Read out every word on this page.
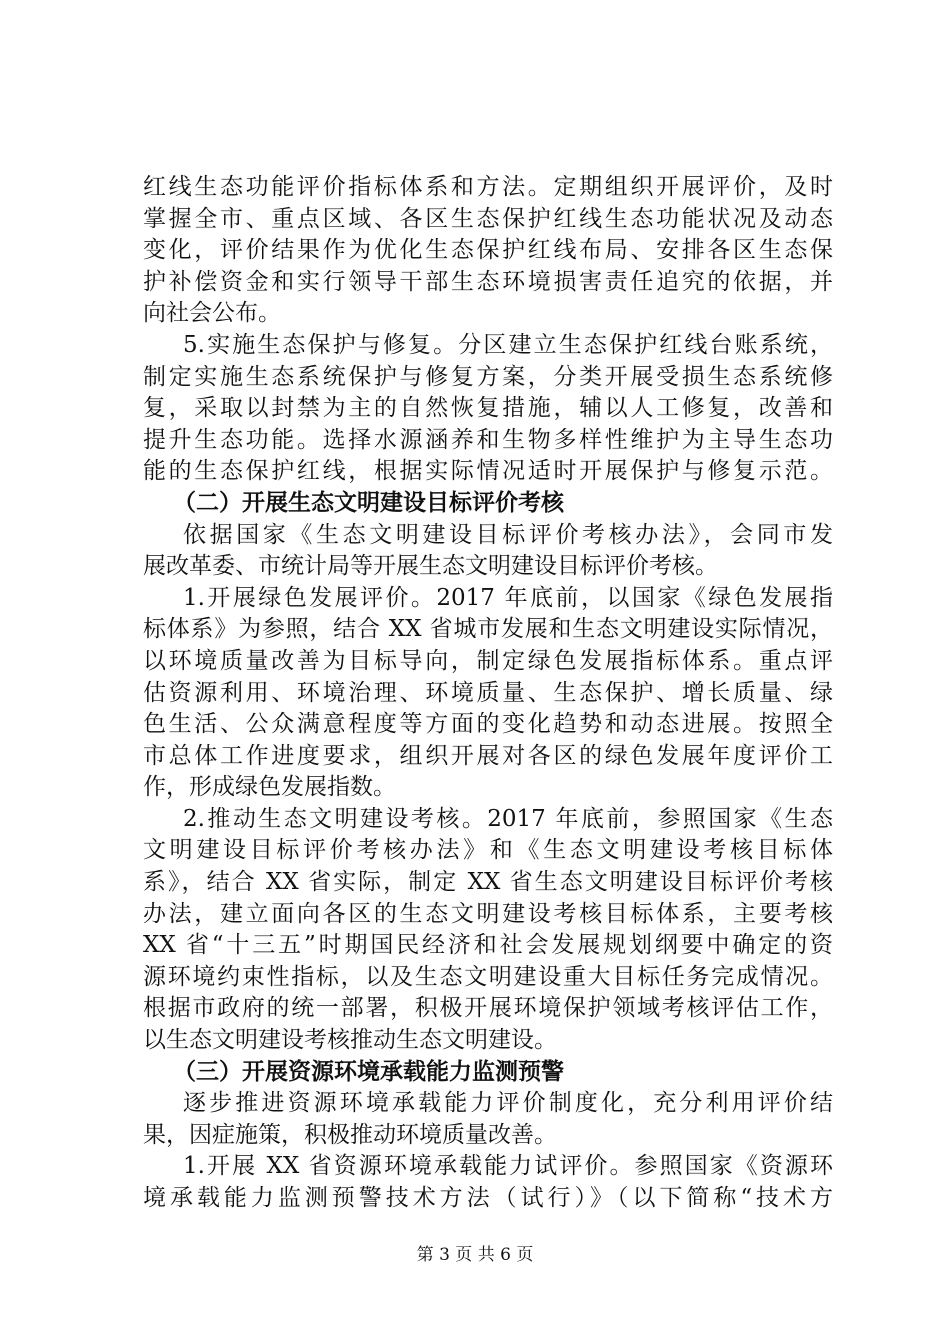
红线生态功能评价指标体系和方法。定期组织开展评价，及时
掌握全市、重点区域、各区生态保护红线生态功能状况及动态
变化，评价结果作为优化生态保护红线布局、安排各区生态保
护补偿资金和实行领导干部生态环境损害责任追究的依据，并
向社会公布。
5.实施生态保护与修复。分区建立生态保护红线台账系统，
制定实施生态系统保护与修复方案，分类开展受损生态系统修
复，采取以封禁为主的自然恢复措施，辅以人工修复，改善和
提升生态功能。选择水源涵养和生物多样性维护为主导生态功
能的生态保护红线，根据实际情况适时开展保护与修复示范。
（二）开展生态文明建设目标评价考核
依据国家《生态文明建设目标评价考核办法》，会同市发
展改革委、市统计局等开展生态文明建设目标评价考核。
1.开展绿色发展评价。2017 年底前，以国家《绿色发展指
标体系》为参照，结合 XX 省城市发展和生态文明建设实际情况，
以环境质量改善为目标导向，制定绿色发展指标体系。重点评
估资源利用、环境治理、环境质量、生态保护、增长质量、绿
色生活、公众满意程度等方面的变化趋势和动态进展。按照全
市总体工作进度要求，组织开展对各区的绿色发展年度评价工
作，形成绿色发展指数。
2.推动生态文明建设考核。2017 年底前，参照国家《生态
文明建设目标评价考核办法》和《生态文明建设考核目标体
系》，结合 XX 省实际，制定 XX 省生态文明建设目标评价考核
办法，建立面向各区的生态文明建设考核目标体系，主要考核
XX 省“十三五”时期国民经济和社会发展规划纲要中确定的资
源环境约束性指标，以及生态文明建设重大目标任务完成情况。
根据市政府的统一部署，积极开展环境保护领域考核评估工作，
以生态文明建设考核推动生态文明建设。
（三）开展资源环境承载能力监测预警
逐步推进资源环境承载能力评价制度化，充分利用评价结
果，因症施策，积极推动环境质量改善。
1.开展 XX 省资源环境承载能力试评价。参照国家《资源环
境承载能力监测预警技术方法（试行）》（以下简称“技术方
第 3 页 共 6 页
